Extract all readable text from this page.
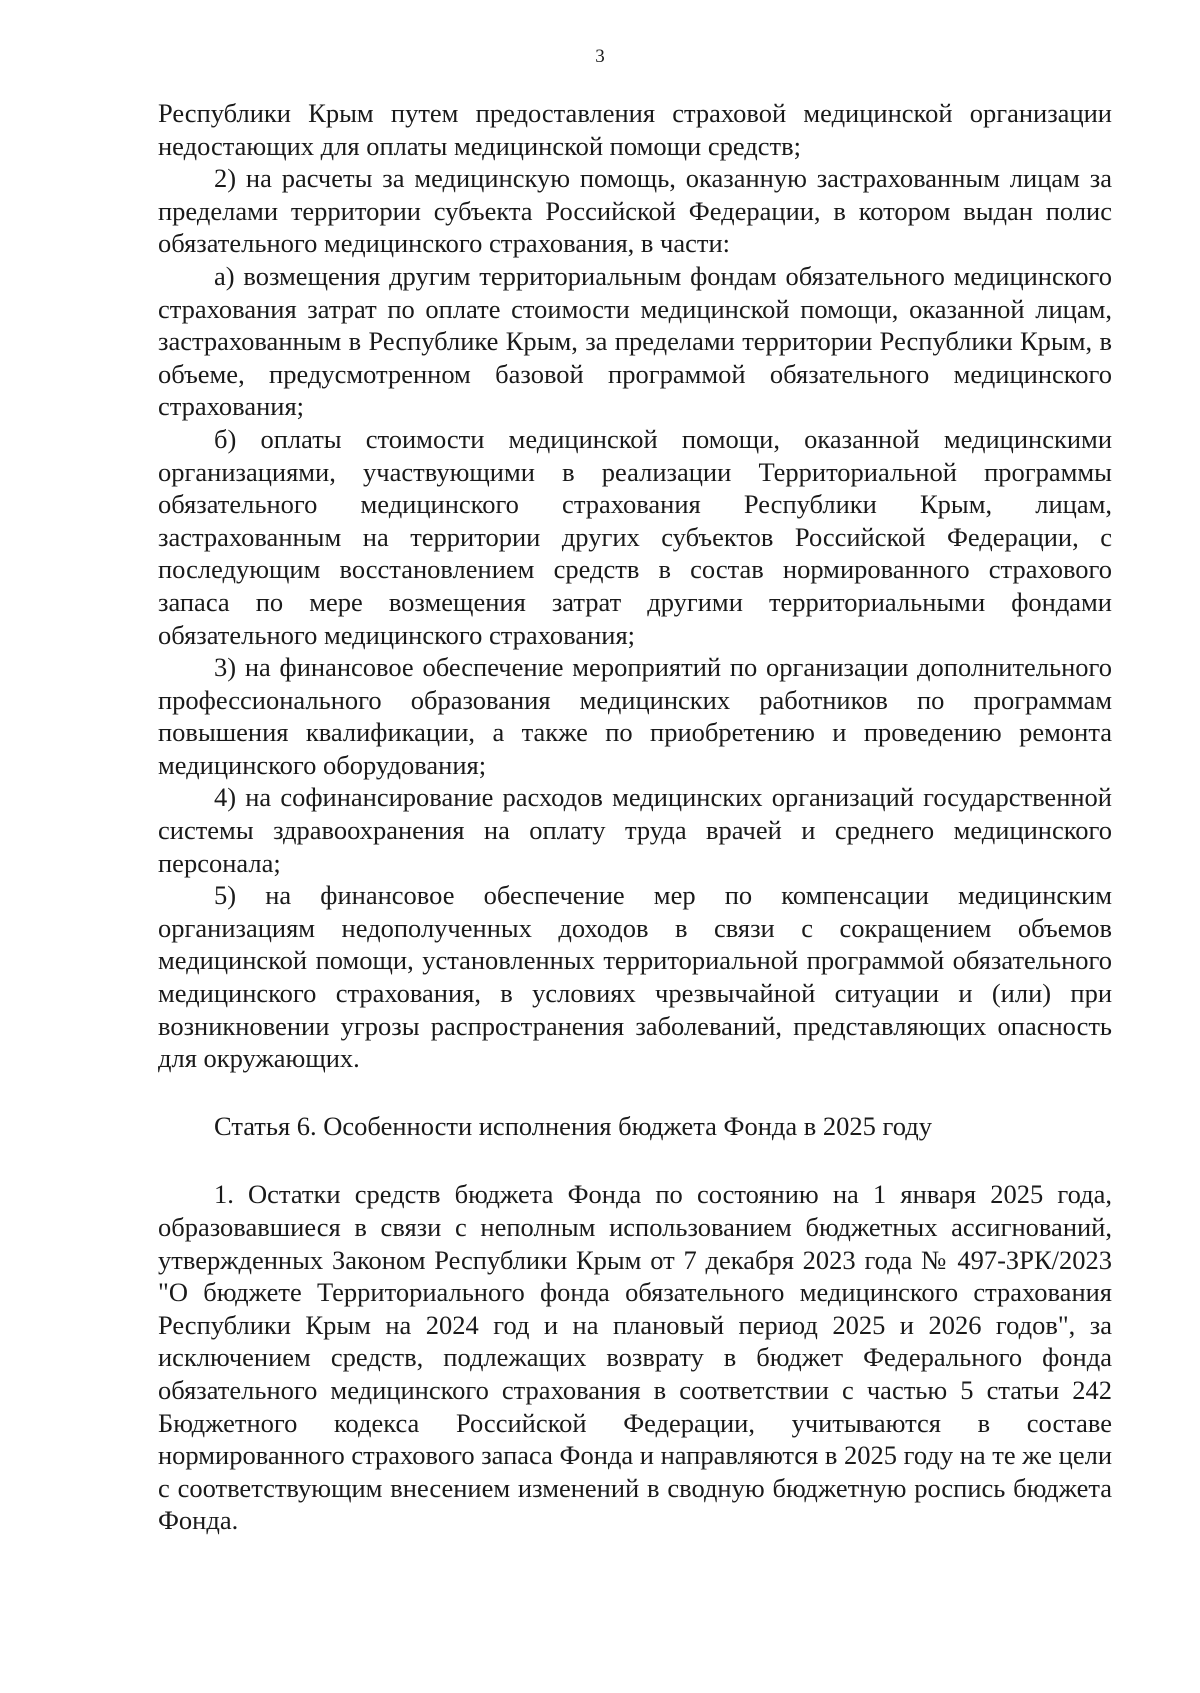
3

Республики Крым путем предоставления страховой медицинской организации недостающих для оплаты медицинской помощи средств;

2) на расчеты за медицинскую помощь, оказанную застрахованным лицам за пределами территории субъекта Российской Федерации, в котором выдан полис обязательного медицинского страхования, в части:

а) возмещения другим территориальным фондам обязательного медицинского страхования затрат по оплате стоимости медицинской помощи, оказанной лицам, застрахованным в Республике Крым, за пределами территории Республики Крым, в объеме, предусмотренном базовой программой обязательного медицинского страхования;

б) оплаты стоимости медицинской помощи, оказанной медицинскими организациями, участвующими в реализации Территориальной программы обязательного медицинского страхования Республики Крым, лицам, застрахованным на территории других субъектов Российской Федерации, с последующим восстановлением средств в состав нормированного страхового запаса по мере возмещения затрат другими территориальными фондами обязательного медицинского страхования;

3) на финансовое обеспечение мероприятий по организации дополнительного профессионального образования медицинских работников по программам повышения квалификации, а также по приобретению и проведению ремонта медицинского оборудования;

4) на софинансирование расходов медицинских организаций государственной системы здравоохранения на оплату труда врачей и среднего медицинского персонала;

5) на финансовое обеспечение мер по компенсации медицинским организациям недополученных доходов в связи с сокращением объемов медицинской помощи, установленных территориальной программой обязательного медицинского страхования, в условиях чрезвычайной ситуации и (или) при возникновении угрозы распространения заболеваний, представляющих опасность для окружающих.

Статья 6. Особенности исполнения бюджета Фонда в 2025 году

1. Остатки средств бюджета Фонда по состоянию на 1 января 2025 года, образовавшиеся в связи с неполным использованием бюджетных ассигнований, утвержденных Законом Республики Крым от 7 декабря 2023 года № 497-ЗРК/2023 "О бюджете Территориального фонда обязательного медицинского страхования Республики Крым на 2024 год и на плановый период 2025 и 2026 годов", за исключением средств, подлежащих возврату в бюджет Федерального фонда обязательного медицинского страхования в соответствии с частью 5 статьи 242 Бюджетного кодекса Российской Федерации, учитываются в составе нормированного страхового запаса Фонда и направляются в 2025 году на те же цели с соответствующим внесением изменений в сводную бюджетную роспись бюджета Фонда.
